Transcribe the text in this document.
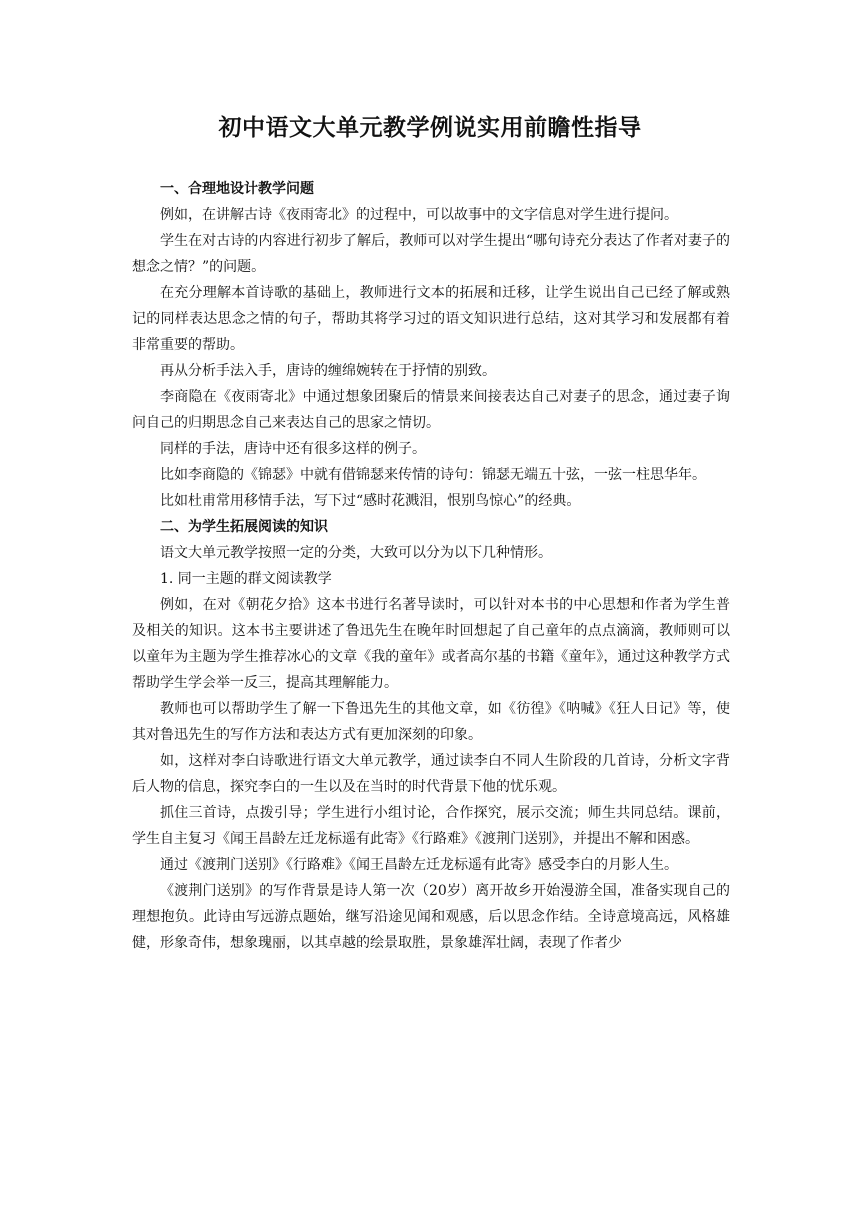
初中语文大单元教学例说实用前瞻性指导

一、合理地设计教学问题

例如，在讲解古诗《夜雨寄北》的过程中，可以故事中的文字信息对学生进行提问。

学生在对古诗的内容进行初步了解后，教师可以对学生提出“哪句诗充分表达了作者对妻子的想念之情？”的问题。

在充分理解本首诗歌的基础上，教师进行文本的拓展和迁移，让学生说出自己已经了解或熟记的同样表达思念之情的句子，帮助其将学习过的语文知识进行总结，这对其学习和发展都有着非常重要的帮助。

再从分析手法入手，唐诗的缠绵婉转在于抒情的别致。

李商隐在《夜雨寄北》中通过想象团聚后的情景来间接表达自己对妻子的思念，通过妻子询问自己的归期思念自己来表达自己的思家之情切。

同样的手法，唐诗中还有很多这样的例子。

比如李商隐的《锦瑟》中就有借锦瑟来传情的诗句：锦瑟无端五十弦，一弦一柱思华年。

比如杜甫常用移情手法，写下过“感时花溅泪，恨别鸟惊心”的经典。

二、为学生拓展阅读的知识

语文大单元教学按照一定的分类，大致可以分为以下几种情形。

1. 同一主题的群文阅读教学

例如，在对《朝花夕拾》这本书进行名著导读时，可以针对本书的中心思想和作者为学生普及相关的知识。这本书主要讲述了鲁迅先生在晚年时回想起了自己童年的点点滴滴，教师则可以以童年为主题为学生推荐冰心的文章《我的童年》或者高尔基的书籍《童年》，通过这种教学方式帮助学生学会举一反三，提高其理解能力。

教师也可以帮助学生了解一下鲁迅先生的其他文章，如《彷徨》《呐喊》《狂人日记》等，使其对鲁迅先生的写作方法和表达方式有更加深刻的印象。

如，这样对李白诗歌进行语文大单元教学，通过读李白不同人生阶段的几首诗，分析文字背后人物的信息，探究李白的一生以及在当时的时代背景下他的忧乐观。

抓住三首诗，点拨引导；学生进行小组讨论，合作探究，展示交流；师生共同总结。课前，学生自主复习《闻王昌龄左迁龙标遥有此寄》《行路难》《渡荆门送别》，并提出不解和困惑。

通过《渡荆门送别》《行路难》《闻王昌龄左迁龙标遥有此寄》感受李白的月影人生。

《渡荆门送别》的写作背景是诗人第一次（20岁）离开故乡开始漫游全国，准备实现自己的理想抱负。此诗由写远游点题始，继写沿途见闻和观感，后以思念作结。全诗意境高远，风格雄健，形象奇伟，想象瑰丽，以其卓越的绘景取胜，景象雄浑壮阔，表现了作者少
